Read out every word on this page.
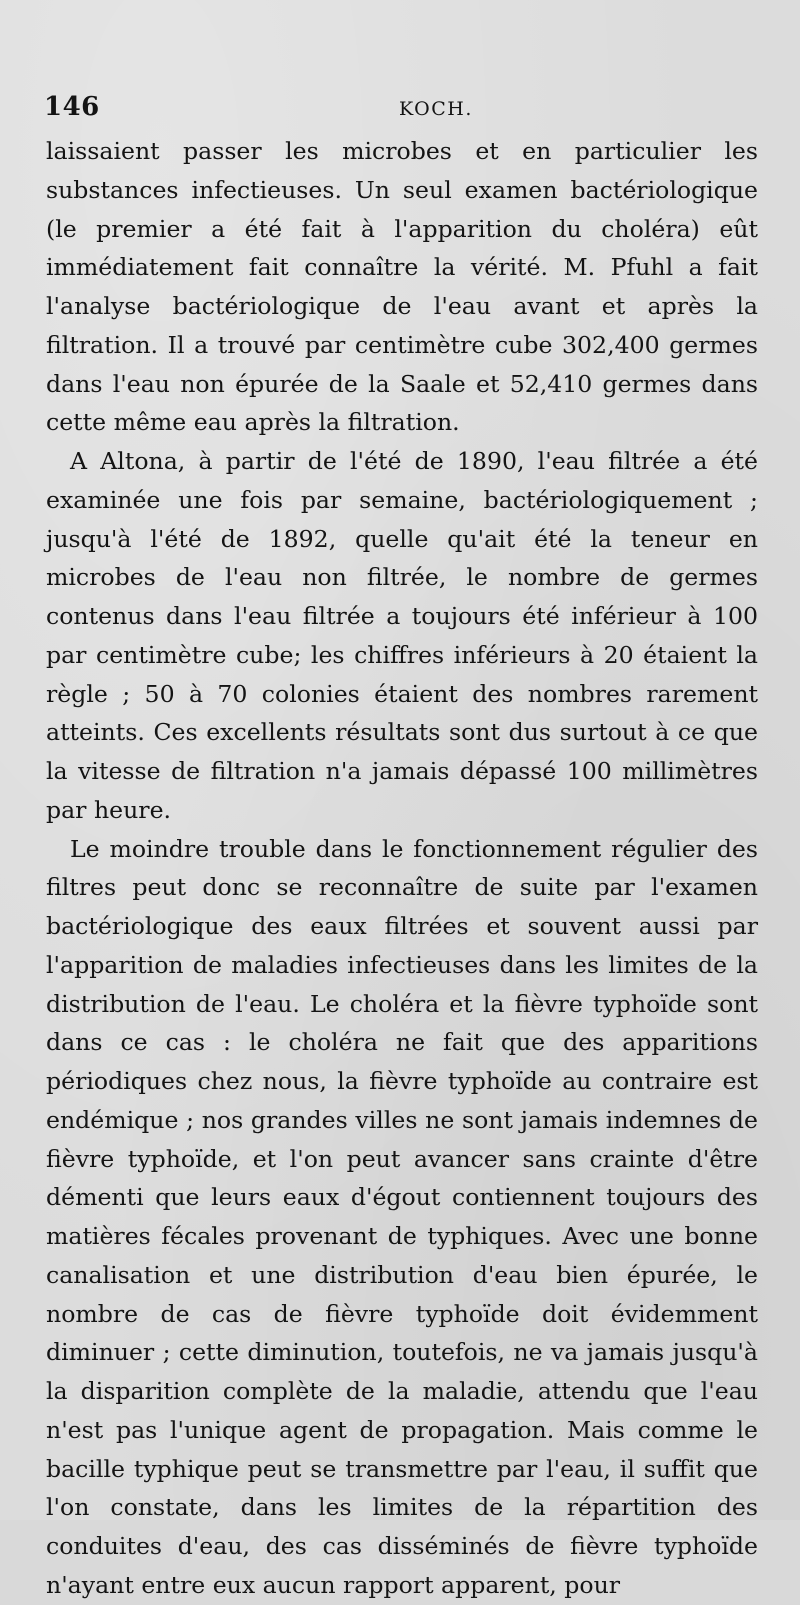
146	KOCH.

laissaient passer les microbes et en particulier les substances infectieuses. Un seul examen bactériologique (le premier a été fait à l'apparition du choléra) eût immédiatement fait connaître la vérité. M. Pfuhl a fait l'analyse bactériologique de l'eau avant et après la filtration. Il a trouvé par centimètre cube 302,400 germes dans l'eau non épurée de la Saale et 52,410 germes dans cette même eau après la filtration.

A Altona, à partir de l'été de 1890, l'eau filtrée a été examinée une fois par semaine, bactériologiquement ; jusqu'à l'été de 1892, quelle qu'ait été la teneur en microbes de l'eau non filtrée, le nombre de germes contenus dans l'eau filtrée a toujours été inférieur à 100 par centimètre cube; les chiffres inférieurs à 20 étaient la règle ; 50 à 70 colonies étaient des nombres rarement atteints. Ces excellents résultats sont dus surtout à ce que la vitesse de filtration n'a jamais dépassé 100 millimètres par heure.

Le moindre trouble dans le fonctionnement régulier des filtres peut donc se reconnaître de suite par l'examen bactériologique des eaux filtrées et souvent aussi par l'apparition de maladies infectieuses dans les limites de la distribution de l'eau. Le choléra et la fièvre typhoïde sont dans ce cas : le choléra ne fait que des apparitions périodiques chez nous, la fièvre typhoïde au contraire est endémique ; nos grandes villes ne sont jamais indemnes de fièvre typhoïde, et l'on peut avancer sans crainte d'être démenti que leurs eaux d'égout contiennent toujours des matières fécales provenant de typhiques. Avec une bonne canalisation et une distribution d'eau bien épurée, le nombre de cas de fièvre typhoïde doit évidemment diminuer ; cette diminution, toutefois, ne va jamais jusqu'à la disparition complète de la maladie, attendu que l'eau n'est pas l'unique agent de propagation. Mais comme le bacille typhique peut se transmettre par l'eau, il suffit que l'on constate, dans les limites de la répartition des conduites d'eau, des cas disséminés de fièvre typhoïde n'ayant entre eux aucun rapport apparent, pour
